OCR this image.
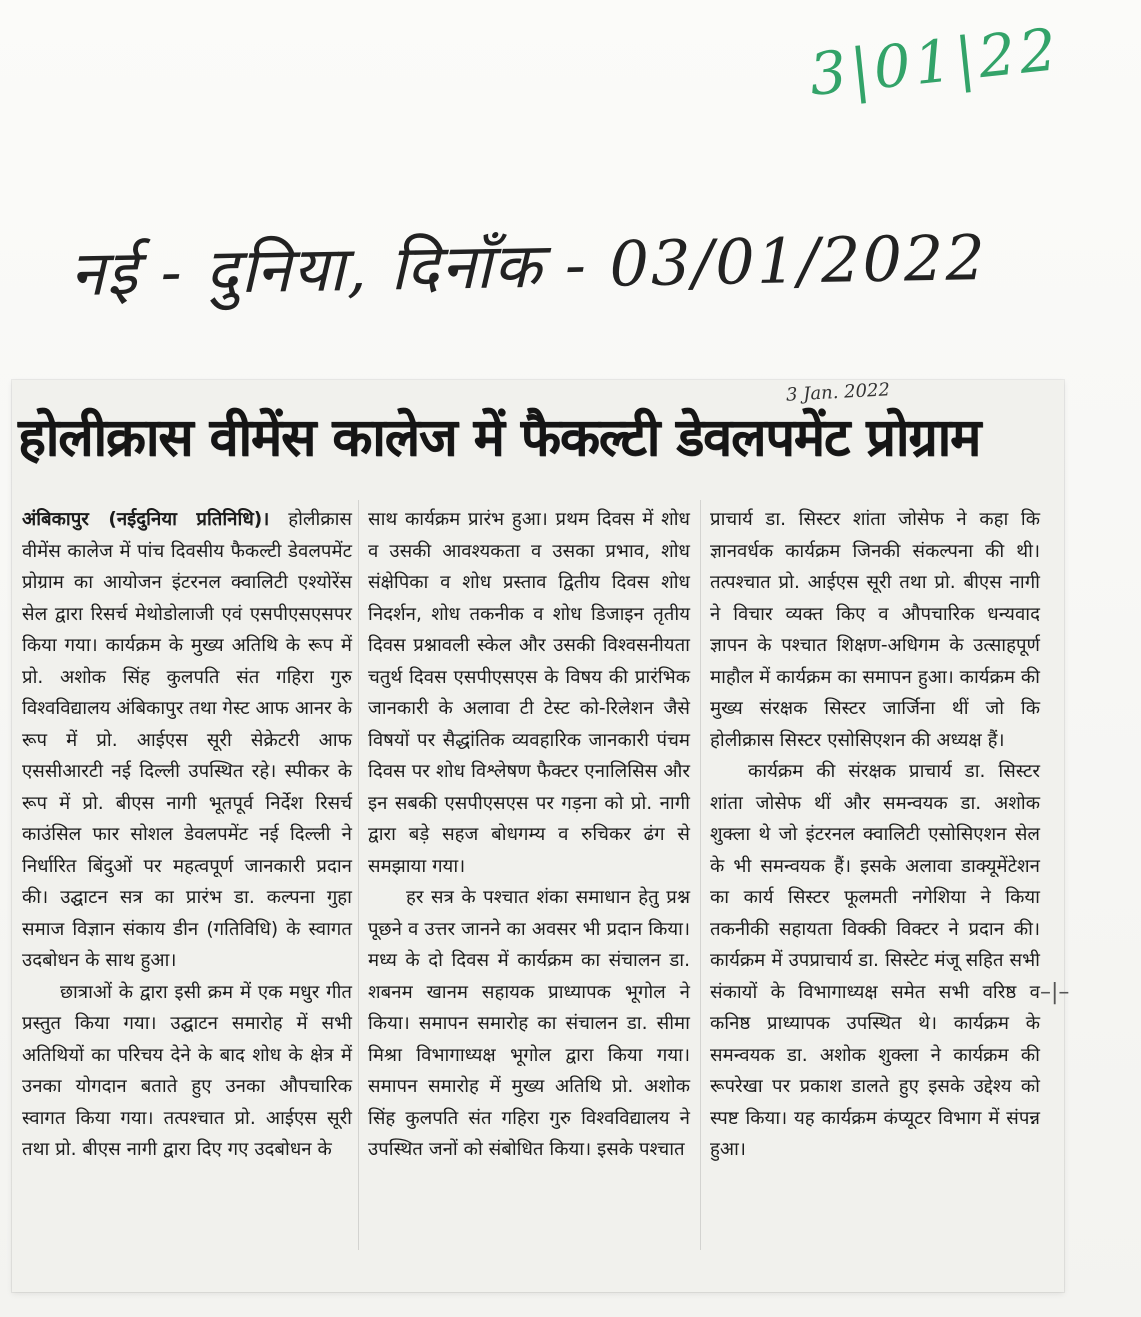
3|01|22
नई - दुनिया, दिनाँक - 03/01/2022
3 Jan. 2022
होलीक्रास वीमेंस कालेज में फैकल्टी डेवलपमेंट प्रोग्राम

अंबिकापुर (नईदुनिया प्रतिनिधि)। होलीक्रास वीमेंस कालेज में पांच दिवसीय फैकल्टी डेवलपमेंट प्रोग्राम का आयोजन इंटरनल क्वालिटी एश्योरेंस सेल द्वारा रिसर्च मेथोडोलाजी एवं एसपीएसएसपर किया गया। कार्यक्रम के मुख्य अतिथि के रूप में प्रो. अशोक सिंह कुलपति संत गहिरा गुरु विश्वविद्यालय अंबिकापुर तथा गेस्ट आफ आनर के रूप में प्रो. आईएस सूरी सेक्रेटरी आफ एससीआरटी नई दिल्ली उपस्थित रहे। स्पीकर के रूप में प्रो. बीएस नागी भूतपूर्व निर्देश रिसर्च काउंसिल फार सोशल डेवलपमेंट नई दिल्ली ने निर्धारित बिंदुओं पर महत्वपूर्ण जानकारी प्रदान की। उद्घाटन सत्र का प्रारंभ डा. कल्पना गुहा समाज विज्ञान संकाय डीन (गतिविधि) के स्वागत उदबोधन के साथ हुआ।

छात्राओं के द्वारा इसी क्रम में एक मधुर गीत प्रस्तुत किया गया। उद्घाटन समारोह में सभी अतिथियों का परिचय देने के बाद शोध के क्षेत्र में उनका योगदान बताते हुए उनका औपचारिक स्वागत किया गया। तत्पश्चात प्रो. आईएस सूरी तथा प्रो. बीएस नागी द्वारा दिए गए उदबोधन के

साथ कार्यक्रम प्रारंभ हुआ। प्रथम दिवस में शोध व उसकी आवश्यकता व उसका प्रभाव, शोध संक्षेपिका व शोध प्रस्ताव द्वितीय दिवस शोध निदर्शन, शोध तकनीक व शोध डिजाइन तृतीय दिवस प्रश्नावली स्केल और उसकी विश्वसनीयता चतुर्थ दिवस एसपीएसएस के विषय की प्रारंभिक जानकारी के अलावा टी टेस्ट को-रिलेशन जैसे विषयों पर सैद्धांतिक व्यवहारिक जानकारी पंचम दिवस पर शोध विश्लेषण फैक्टर एनालिसिस और इन सबकी एसपीएसएस पर गड़ना को प्रो. नागी द्वारा बड़े सहज बोधगम्य व रुचिकर ढंग से समझाया गया।

हर सत्र के पश्चात शंका समाधान हेतु प्रश्न पूछने व उत्तर जानने का अवसर भी प्रदान किया। मध्य के दो दिवस में कार्यक्रम का संचालन डा. शबनम खानम सहायक प्राध्यापक भूगोल ने किया। समापन समारोह का संचालन डा. सीमा मिश्रा विभागाध्यक्ष भूगोल द्वारा किया गया। समापन समारोह में मुख्य अतिथि प्रो. अशोक सिंह कुलपति संत गहिरा गुरु विश्वविद्यालय ने उपस्थित जनों को संबोधित किया। इसके पश्चात

प्राचार्य डा. सिस्टर शांता जोसेफ ने कहा कि ज्ञानवर्धक कार्यक्रम जिनकी संकल्पना की थी। तत्पश्चात प्रो. आईएस सूरी तथा प्रो. बीएस नागी ने विचार व्यक्त किए व औपचारिक धन्यवाद ज्ञापन के पश्चात शिक्षण-अधिगम के उत्साहपूर्ण माहौल में कार्यक्रम का समापन हुआ। कार्यक्रम की मुख्य संरक्षक सिस्टर जार्जिना थीं जो कि होलीक्रास सिस्टर एसोसिएशन की अध्यक्ष हैं।

कार्यक्रम की संरक्षक प्राचार्य डा. सिस्टर शांता जोसेफ थीं और समन्वयक डा. अशोक शुक्ला थे जो इंटरनल क्वालिटी एसोसिएशन सेल के भी समन्वयक हैं। इसके अलावा डाक्यूमेंटेशन का कार्य सिस्टर फूलमती नगेशिया ने किया तकनीकी सहायता विक्की विक्टर ने प्रदान की। कार्यक्रम में उपप्राचार्य डा. सिस्टेट मंजू सहित सभी संकायों के विभागाध्यक्ष समेत सभी वरिष्ठ व कनिष्ठ प्राध्यापक उपस्थित थे। कार्यक्रम के समन्वयक डा. अशोक शुक्ला ने कार्यक्रम की रूपरेखा पर प्रकाश डालते हुए इसके उद्देश्य को स्पष्ट किया। यह कार्यक्रम कंप्यूटर विभाग में संपन्न हुआ।

–|–
